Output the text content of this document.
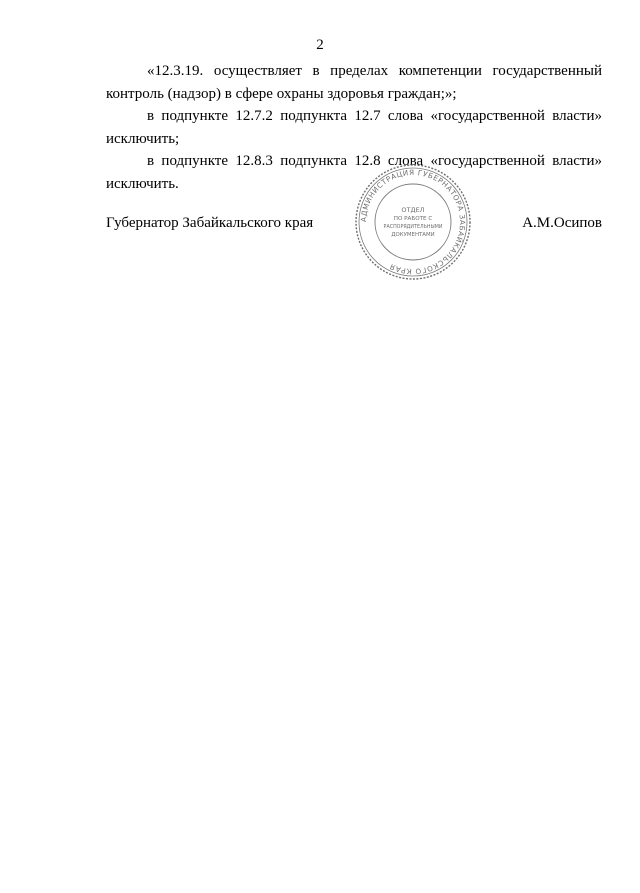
2

«12.3.19. осуществляет в пределах компетенции государственный контроль (надзор) в сфере охраны здоровья граждан;»;

в подпункте 12.7.2 подпункта 12.7 слова «государственной власти» исключить;

в подпункте 12.8.3 подпункта 12.8 слова «государственной власти» исключить.

Губернатор Забайкальского края	А.М.Осипов
АДМИНИСТРАЦИЯ ГУБЕРНАТОРА ЗАБАЙКАЛЬСКОГО КРАЯ
ОТДЕЛ
ПО РАБОТЕ С
РАСПОРЯДИТЕЛЬНЫМИ
ДОКУМЕНТАМИ
